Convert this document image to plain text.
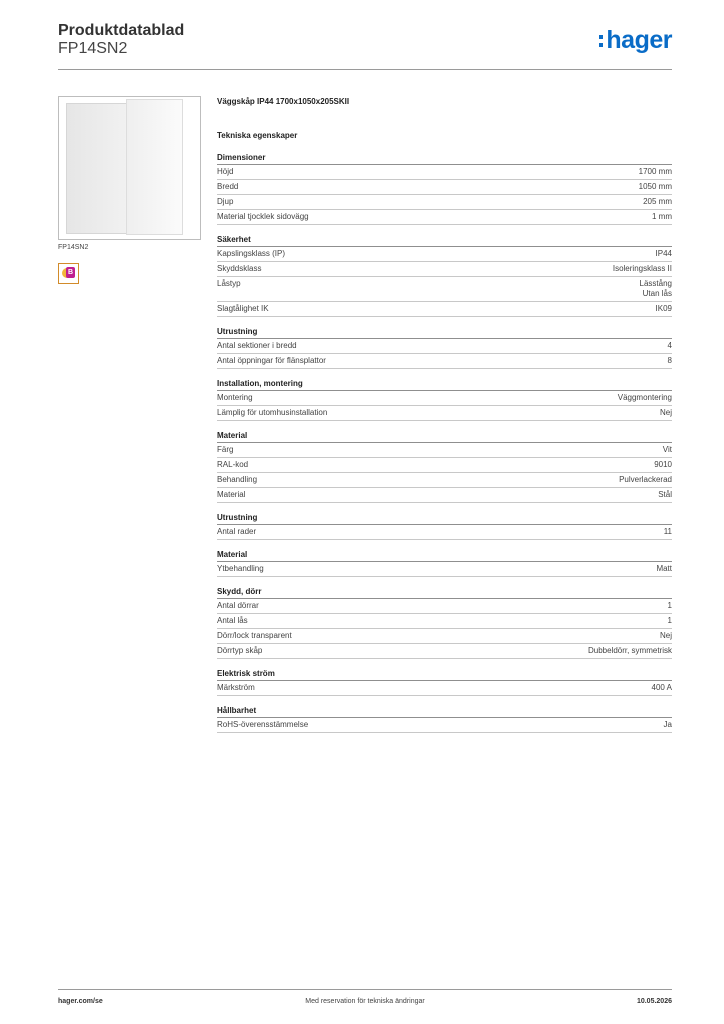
Produktdatablad
FP14SN2	hager
FP14SN2
B
Väggskåp IP44 1700x1050x205SKII
Tekniska egenskaper
Dimensioner
Höjd	1700 mm
Bredd	1050 mm
Djup	205 mm
Material tjocklek sidovägg	1 mm
Säkerhet
Kapslingsklass (IP)	IP44
Skyddsklass	Isoleringsklass II
Låstyp	Lässtång
Utan lås
Slagtålighet IK	IK09
Utrustning
Antal sektioner i bredd	4
Antal öppningar för flänsplattor	8
Installation, montering
Montering	Väggmontering
Lämplig för utomhusinstallation	Nej
Material
Färg	Vit
RAL-kod	9010
Behandling	Pulverlackerad
Material	Stål
Utrustning
Antal rader	11
Material
Ytbehandling	Matt
Skydd, dörr
Antal dörrar	1
Antal lås	1
Dörr/lock transparent	Nej
Dörrtyp skåp	Dubbeldörr, symmetrisk
Elektrisk ström
Märkström	400 A
Hållbarhet
RoHS-överensstämmelse	Ja
hager.com/se	Med reservation för tekniska ändringar	10.05.2026
